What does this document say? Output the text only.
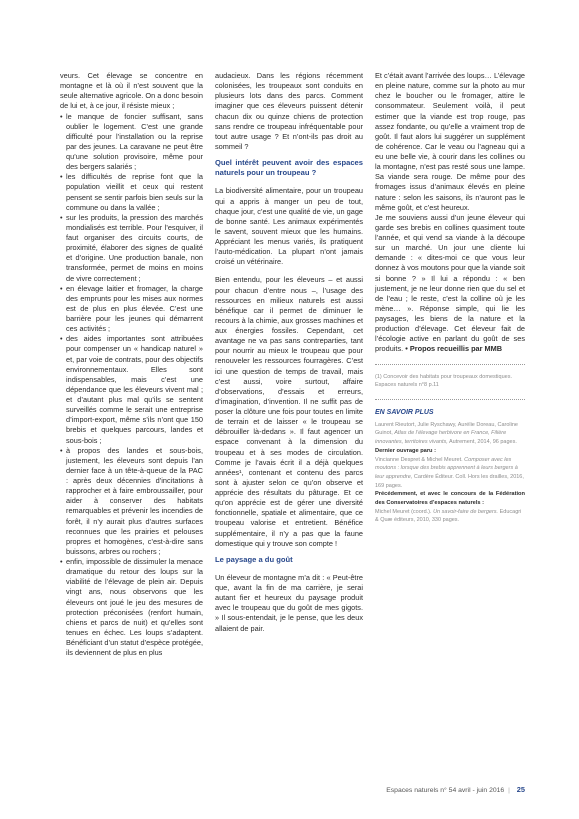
veurs. Cet élevage se concentre en montagne et là où il n’est souvent que la seule alternative agricole. On a donc besoin de lui et, à ce jour, il résiste mieux ;

• le manque de foncier suffisant, sans oublier le logement. C’est une grande difficulté pour l’installation ou la reprise par des jeunes. La caravane ne peut être qu’une solution provisoire, même pour des bergers salariés ;
• les difficultés de reprise font que la population vieillit et ceux qui restent pensent se sentir parfois bien seuls sur la commune ou dans la vallée ;
• sur les produits, la pression des marchés mondialisés est terrible. Pour l’esquiver, il faut organiser des circuits courts, de proximité, élaborer des signes de qualité et d’origine. Une production banale, non transformée, permet de moins en moins de vivre correctement ;
• en élevage laitier et fromager, la charge des emprunts pour les mises aux normes est de plus en plus élevée. C’est une barrière pour les jeunes qui démarrent ces activités ;
• des aides importantes sont attribuées pour compenser un « handicap naturel » et, par voie de contrats, pour des objectifs environnementaux. Elles sont indispensables, mais c’est une dépendance que les éleveurs vivent mal ; et d’autant plus mal qu’ils se sentent surveillés comme le serait une entreprise d’import-export, même s’ils n’ont que 150 brebis et quelques parcours, landes et sous-bois ;
• à propos des landes et sous-bois, justement, les éleveurs sont depuis l’an dernier face à un tête-à-queue de la PAC : après deux décennies d’incitations à rapprocher et à faire embroussailler, pour aider à conserver des habitats remarquables et prévenir les incendies de forêt, il n’y aurait plus d’autres surfaces reconnues que les prairies et pelouses propres et homogènes, c’est-à-dire sans buissons, arbres ou rochers ;
• enfin, impossible de dissimuler la menace dramatique du retour des loups sur la viabilité de l’élevage de plein air. Depuis vingt ans, nous observons que les éleveurs ont joué le jeu des mesures de protection préconisées (renfort humain, chiens et parcs de nuit) et qu’elles sont tenues en échec. Les loups s’adaptent. Bénéficiant d’un statut d’espèce protégée, ils deviennent de plus en plus

audacieux. Dans les régions récemment colonisées, les troupeaux sont conduits en plusieurs lots dans des parcs. Comment imaginer que ces éleveurs puissent détenir chacun dix ou quinze chiens de protection sans rendre ce troupeau infréquentable pour tout autre usage ? Et n’ont-ils pas droit au sommeil ?

Quel intérêt peuvent avoir des espaces naturels pour un troupeau ?

La biodiversité alimentaire, pour un troupeau qui a appris à manger un peu de tout, chaque jour, c’est une qualité de vie, un gage de bonne santé. Les animaux expérimentés le savent, souvent mieux que les humains. Appréciant les menus variés, ils pratiquent l’auto-médication. La plupart n’ont jamais croisé un vétérinaire.

Bien entendu, pour les éleveurs – et aussi pour chacun d’entre nous –, l’usage des ressources en milieux naturels est aussi bénéfique car il permet de diminuer le recours à la chimie, aux grosses machines et aux énergies fossiles. Cependant, cet avantage ne va pas sans contreparties, tant pour nourrir au mieux le troupeau que pour renouveler les ressources fourragères. C’est ici une question de temps de travail, mais c’est aussi, voire surtout, affaire d’observations, d’essais et erreurs, d’imagination, d’invention. Il ne suffit pas de poser la clôture une fois pour toutes en limite de terrain et de laisser « le troupeau se débrouiller là-dedans ». Il faut agencer un espace convenant à la dimension du troupeau et à ses modes de circulation. Comme je l’avais écrit il a déjà quelques années¹, contenant et contenu des parcs sont à ajuster selon ce qu’on observe et apprécie des résultats du pâturage. Et ce qu’on apprécie est de gérer une diversité fonctionnelle, spatiale et alimentaire, que ce troupeau valorise et entretient. Bénéfice supplémentaire, il n’y a pas que la faune domestique qui y trouve son compte !

Le paysage a du goût

Un éleveur de montagne m’a dit : « Peut-être que, avant la fin de ma carrière, je serai autant fier et heureux du paysage produit avec le troupeau que du goût de mes gigots. » Il sous-entendait, je le pense, que les deux allaient de pair.

Et c’était avant l’arrivée des loups… L’élevage en pleine nature, comme sur la photo au mur chez le boucher ou le fromager, attire le consommateur. Seulement voilà, il peut estimer que la viande est trop rouge, pas assez fondante, ou qu’elle a vraiment trop de goût. Il faut alors lui suggérer un supplément de cohérence. Car le veau ou l’agneau qui a eu une belle vie, à courir dans les collines ou la montagne, n’est pas resté sous une lampe. Sa viande sera rouge. De même pour des fromages issus d’animaux élevés en pleine nature : selon les saisons, ils n’auront pas le même goût, et c’est heureux.

Je me souviens aussi d’un jeune éleveur qui garde ses brebis en collines quasiment toute l’année, et qui vend sa viande à la découpe sur un marché. Un jour une cliente lui demande : « dites-moi ce que vous leur donnez à vos moutons pour que la viande soit si bonne ? » Il lui a répondu : « ben justement, je ne leur donne rien que du sel et de l’eau ; le reste, c’est la colline où je les mène… ». Réponse simple, qui lie les paysages, les biens de la nature et la production d’élevage. Cet éleveur fait de l’écologie active en parlant du goût de ses produits. • Propos recueillis par MMB

(1) Concevoir des habitats pour troupeaux domestiques. Espaces naturels n°8 p.11

EN SAVOIR PLUS

Laurent Rieutort, Julie Ryschawy, Aurélie Doreau, Caroline Guinot, Atlas de l’élevage herbivore en France, Filière innovantes, territoires vivants, Autrement, 2014, 96 pages.

Dernier ouvrage paru :

Vincianne Despret & Michel Meuret. Composer avec les moutons : lorsque des brebis apprennent à leurs bergers à leur apprendre, Cardère Éditeur. Coll. Hors les drailles, 2016, 169 pages.

Précédemment, et avec le concours de la Fédération des Conservatoires d’espaces naturels :

Michel Meuret (coord.). Un savoir-faire de bergers. Educagri & Quæ éditeurs, 2010, 330 pages.

Espaces naturels n° 54 avril - juin 2016 | 25
